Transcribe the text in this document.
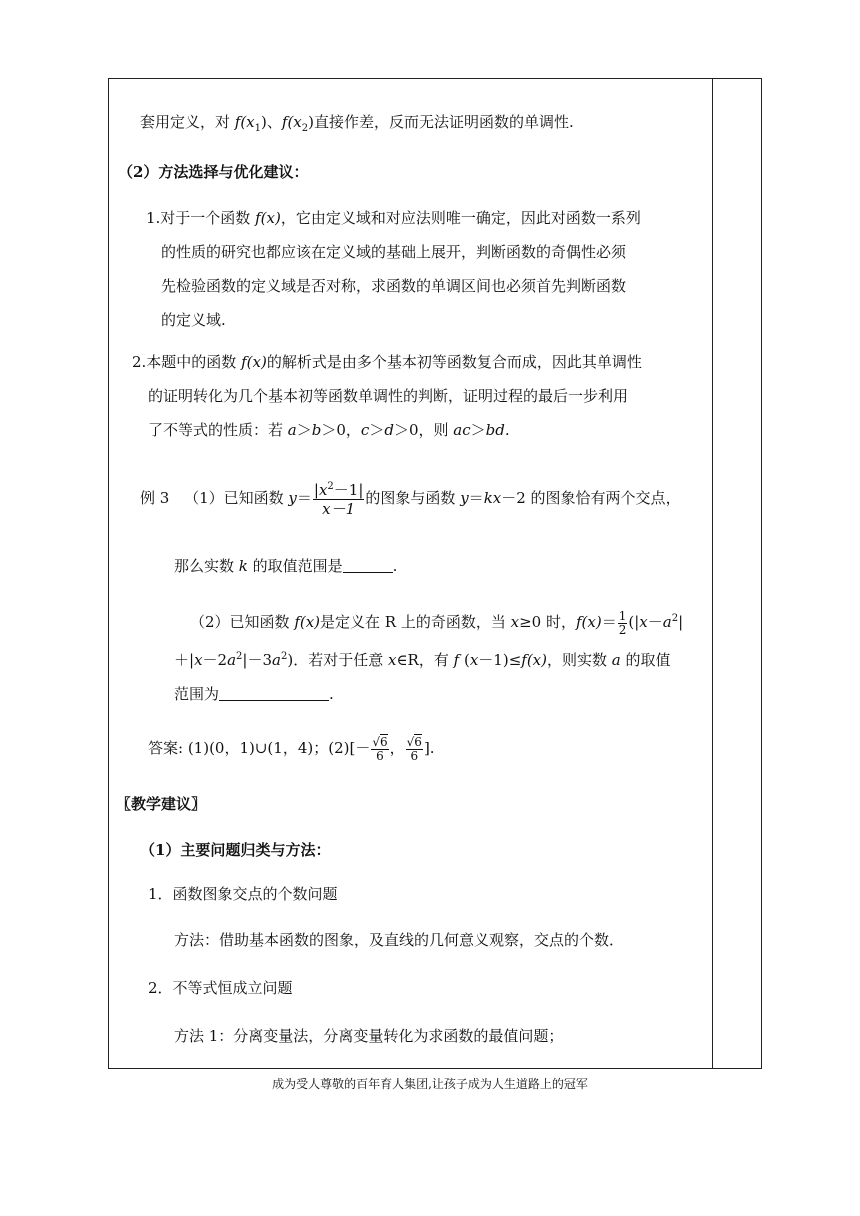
套用定义，对 $f(x_1)$、$f(x_2)$直接作差，反而无法证明函数的单调性.
（2）方法选择与优化建议：
1.对于一个函数 f(x)，它由定义域和对应法则唯一确定，因此对函数一系列
的性质的研究也都应该在定义域的基础上展开，判断函数的奇偶性必须
先检验函数的定义域是否对称，求函数的单调区间也必须首先判断函数
的定义域.
2.本题中的函数 f(x)的解析式是由多个基本初等函数复合而成，因此其单调性
的证明转化为几个基本初等函数单调性的判断，证明过程的最后一步利用
了不等式的性质：若 a＞b＞0，c＞d＞0，则 ac＞bd.
例 3 （1）已知函数 $y= \frac{|x^2-1|}{x-1}$ 的图象与函数 y＝kx－2 的图象恰有两个交点，
那么实数 k 的取值范围是	.
（2）已知函数 f(x)是定义在 R 上的奇函数，当 x≥0 时，$f(x)= \frac{1}{2} (|x-a^2|$
$+|x-2a^2|-3a^2$)．若对于任意 x∈R，有 f (x－1)≤f(x)，则实数 a 的取值
范围为	.
答案: (1)(0，1)∪(1，4)；$(2)[- \frac{√6}{6}$ ， $\frac{√6}{6}$ ].
〖教学建议〗
（1）主要问题归类与方法：
1．函数图象交点的个数问题
方法：借助基本函数的图象，及直线的几何意义观察，交点的个数．
2．不等式恒成立问题
方法 1：分离变量法，分离变量转化为求函数的最值问题；
成为受人尊敬的百年育人集团,让孩子成为人生道路上的冠军
